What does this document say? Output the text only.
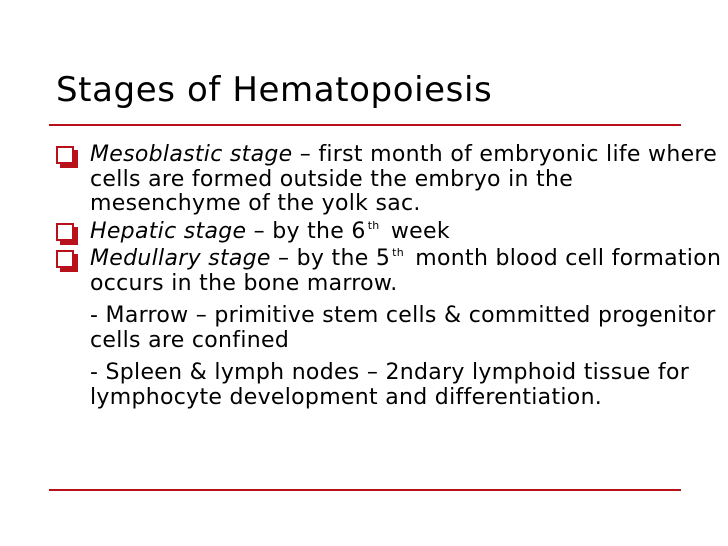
Stages of Hematopoiesis
Mesoblastic stage – first month of embryonic life where cells are formed outside the embryo in the mesenchyme of the yolk sac.
Hepatic stage – by the 6 $^{th}$ week
Medullary stage – by the 5 $^{th}$ month blood cell formation occurs in the bone marrow.
- Marrow – primitive stem cells & committed progenitor cells are confined
- Spleen & lymph nodes – 2ndary lymphoid tissue for lymphocyte development and differentiation.
